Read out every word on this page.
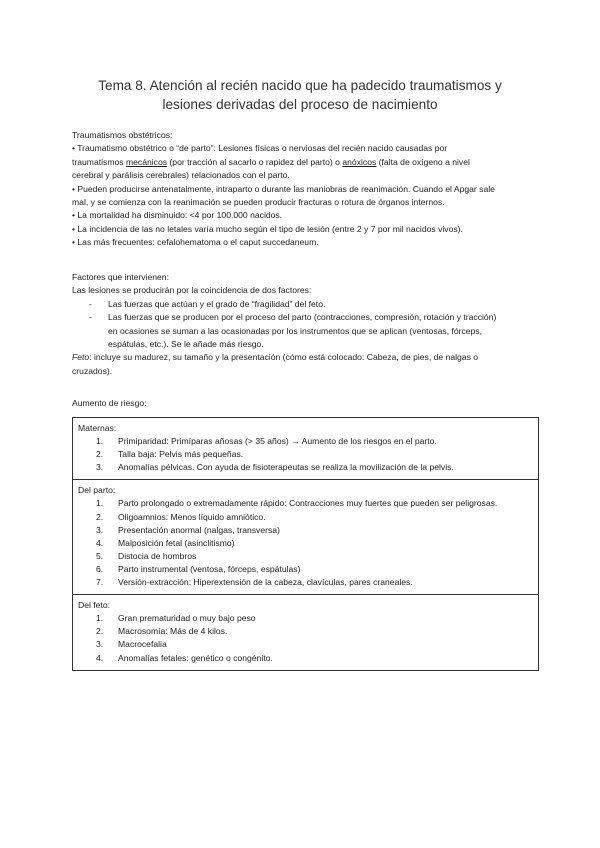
Tema 8. Atención al recién nacido que ha padecido traumatismos y
lesiones derivadas del proceso de nacimiento

Traumatismos obstétricos:

• Traumatismo obstétrico o “de parto”: Lesiones físicas o nerviosas del recién nacido causadas por

traumatismos mecánicos (por tracción al sacarlo o rapidez del parto) o anóxicos (falta de oxígeno a nivel

cerebral y parálisis cerebrales) relacionados con el parto.

• Pueden producirse antenatalmente, intraparto o durante las maniobras de reanimación. Cuando el Apgar sale

mal, y se comienza con la reanimación se pueden producir fracturas o rotura de órganos internos.

• La mortalidad ha disminuido: <4 por 100.000 nacidos.

• La incidencia de las no letales varía mucho según el tipo de lesión (entre 2 y 7 por mil nacidos vivos).

• Las más frecuentes: cefalohematoma o el caput succedaneum.

Factores que intervienen:

Las lesiones se producirán por la coincidencia de dos factores:

- Las fuerzas que actúan y el grado de “fragilidad” del feto.
- Las fuerzas que se producen por el proceso del parto (contracciones, compresión, rotación y tracción)
en ocasiones se suman a las ocasionadas por los instrumentos que se aplican (ventosas, fórceps,
espátulas, etc.). Se le añade más riesgo.

Feto: incluye su madurez, su tamaño y la presentación (cómo está colocado: Cabeza, de pies, de nalgas o

cruzados).

Aumento de riesgo:

Maternas:

1. Primiparidad: Primíparas añosas (> 35 años) → Aumento de los riesgos en el parto.
2. Talla baja: Pelvis más pequeñas.
3. Anomalías pélvicas. Con ayuda de fisioterapeutas se realiza la movilización de la pelvis.

Del parto:

1. Parto prolongado o extremadamente rápido: Contracciones muy fuertes que pueden ser peligrosas.
2. Oligoamnios: Menos líquido amniótico.
3. Presentación anormal (nalgas, transversa)
4. Malposición fetal (asinclitismo)
5. Distocia de hombros
6. Parto instrumental (ventosa, fórceps, espátulas)
7. Versión-extracción: Hiperextensión de la cabeza, clavículas, pares craneales.

Del feto:

1. Gran prematuridad o muy bajo peso
2. Macrosomía: Más de 4 kilos.
3. Macrocefalia
4. Anomalías fetales: genético o congénito.
